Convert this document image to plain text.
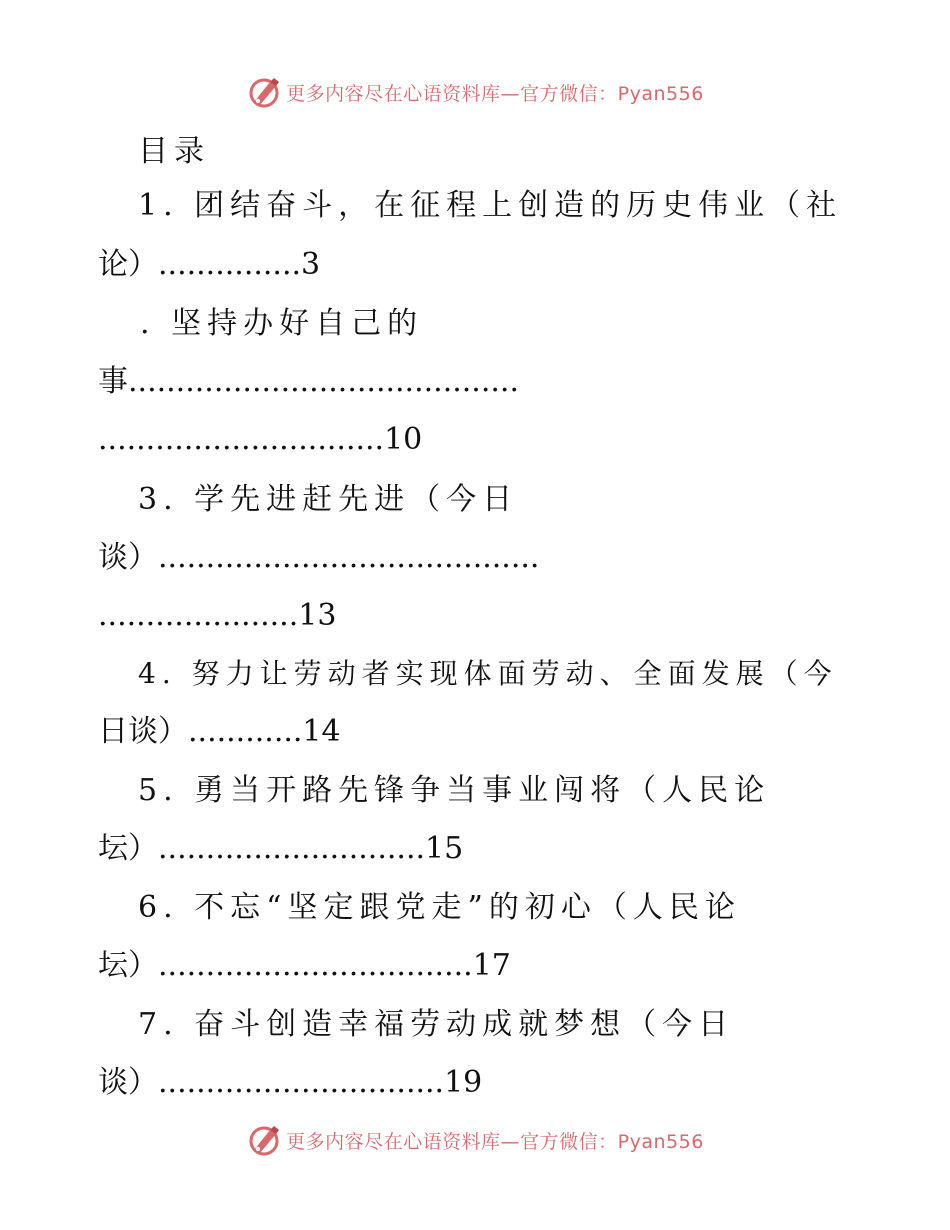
更多内容尽在心语资料库—官方微信：Pyan556
目录
1. 团结奋斗，在征程上创造的历史伟业（社
论）...............3
. 坚持办好自己的
事.........................................
..............................10
3. 学先进赶先进（今日
谈）........................................
.....................13
4. 努力让劳动者实现体面劳动、全面发展（今
日谈）............14
5. 勇当开路先锋争当事业闯将（人民论
坛）............................15
6. 不忘“坚定跟党走”的初心（人民论
坛）.................................17
7. 奋斗创造幸福劳动成就梦想（今日
谈）..............................19
更多内容尽在心语资料库—官方微信：Pyan556
